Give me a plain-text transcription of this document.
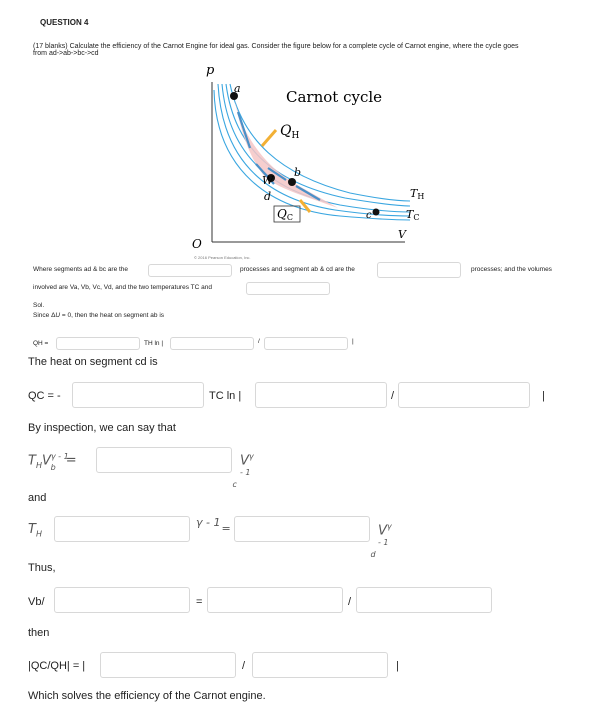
QUESTION 4
(17 blanks) Calculate the efficiency of the Carnot Engine for ideal gas. Consider the figure below for a complete cycle of Carnot engine, where the cycle goes
from ad->ab->bc->cd
p
V
O
Carnot cycle
a
b
c
d
W
$Q_H$
QC
TH
TC
© 2016 Pearson Education, Inc.
Where segments ad & bc are the	processes and segment ab & cd are the	processes; and the volumes
involved are Va, Vb, Vc, Vd, and the two temperatures TC and
Sol.
Since ΔU = 0, then the heat on segment ab is
QH =	TH ln |	/	|
The heat on segment cd is
QC = -	TC ln |	/	|
By inspection, we can say that
$T_HV^{\gamma - 1}_b$ =	$V^{\gamma - 1}_c$
and
$T_H$
γ - 1=	$V^{\gamma - 1}_d$
Thus,
Vb/	=	/
then
|QC/QH| = |	/	|
Which solves the efficiency of the Carnot engine.
